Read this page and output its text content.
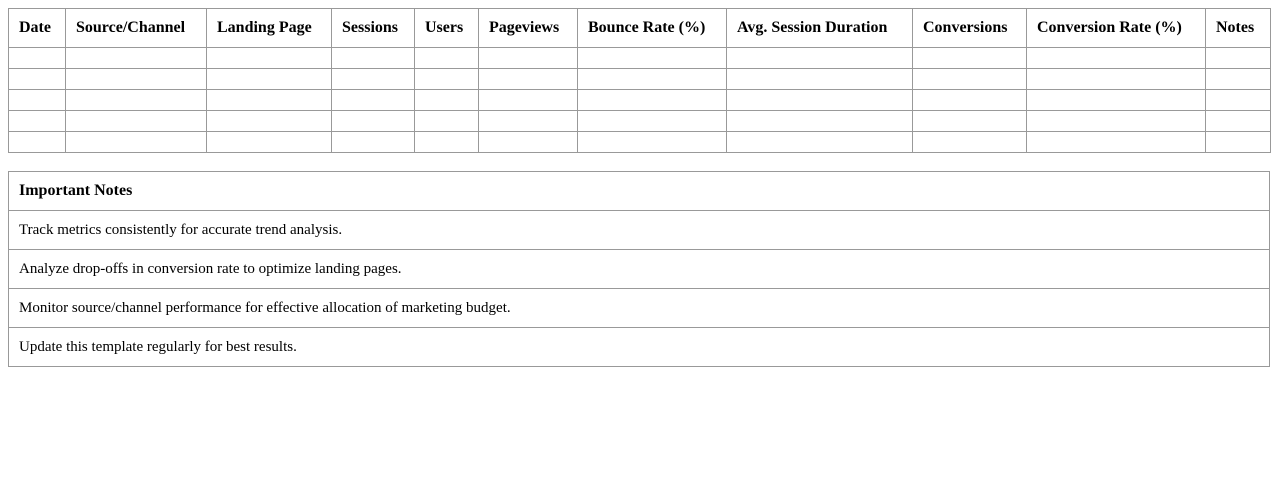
Date	Source/Channel	Landing Page	Sessions	Users	Pageviews	Bounce Rate (%)	Avg. Session Duration	Conversions	Conversion Rate (%)	Notes

Important Notes
Track metrics consistently for accurate trend analysis.
Analyze drop-offs in conversion rate to optimize landing pages.
Monitor source/channel performance for effective allocation of marketing budget.
Update this template regularly for best results.
